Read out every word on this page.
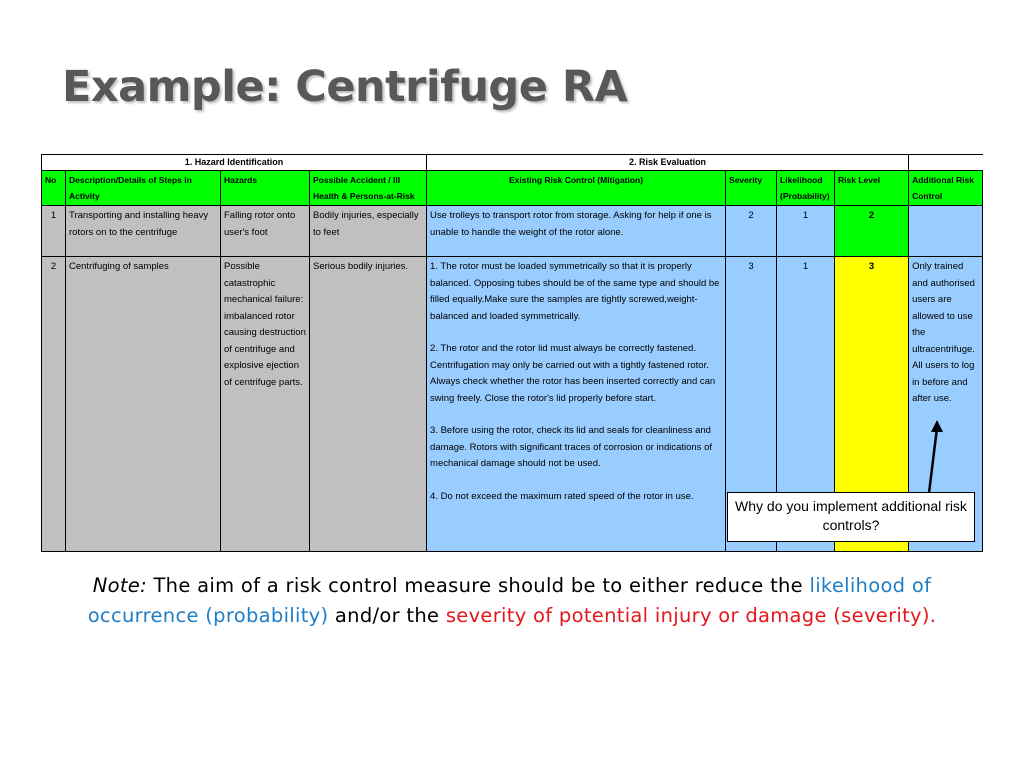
Example: Centrifuge RA
1. Hazard Identification				2. Risk Evaluation					
No	Description/Details of Steps in Activity	Hazards	Possible Accident / Ill Health & Persons-at-Risk	Existing Risk Control (Mitigation)	Severity	Likelihood (Probability)	Risk Level	Additional Risk Control	
1	Transporting and installing heavy rotors on to the centrifuge	Falling rotor onto user's foot	Bodily injuries, especially to feet	Use trolleys to transport rotor from storage. Asking for help if one is unable to handle the weight of the rotor alone.	2	1	2		
2	Centrifuging of samples	Possible catastrophic mechanical failure: imbalanced rotor causing destruction of centrifuge and explosive ejection of centrifuge parts.	Serious bodily injuries.	1. The rotor must be loaded symmetrically so that it is properly balanced. Opposing tubes should be of the same type and should be filled equally.Make sure the samples are tightly screwed,weight-balanced and loaded symmetrically.
2. The rotor and the rotor lid must always be correctly fastened. Centrifugation may only be carried out with a tightly fastened rotor. Always check whether the rotor has been inserted correctly and can swing freely. Close the rotor's lid properly before start.
3. Before using the rotor, check its lid and seals for cleanliness and damage. Rotors with significant traces of corrosion or indications of mechanical damage should not be used.
4. Do not exceed the maximum rated speed of the rotor in use.	3	1	3	Only trained and authorised users are allowed to use the ultracentrifuge. All users to log in before and after use.	

Why do you implement additional risk controls?

Note: The aim of a risk control measure should be to either reduce the likelihood of occurrence (probability) and/or the severity of potential injury or damage (severity).
